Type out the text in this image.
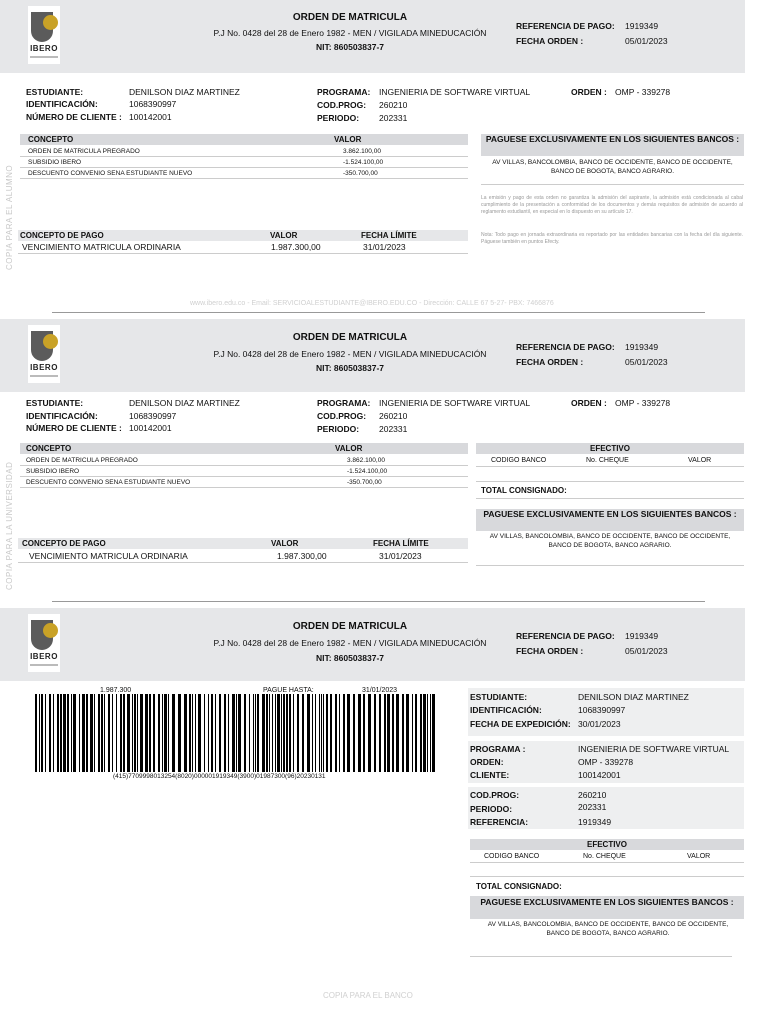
IBERO
ORDEN DE MATRICULA
P.J No. 0428 del 28 de Enero 1982 - MEN / VIGILADA MINEDUCACIÓN
NIT: 860503837-7
REFERENCIA DE PAGO: 1919349
FECHA ORDEN :	05/01/2023
ESTUDIANTE:	DENILSON DIAZ MARTINEZ
IDENTIFICACIÓN:	1068390997
NÚMERO DE CLIENTE : 100142001
PROGRAMA: INGENIERIA DE SOFTWARE VIRTUAL
COD.PROG: 260210
PERIODO: 202331
ORDEN : OMP - 339278
CONCEPTO	VALOR
ORDEN DE MATRICULA PREGRADO	3.862.100,00
SUBSIDIO IBERO	-1.524.100,00
DESCUENTO CONVENIO SENA ESTUDIANTE NUEVO	-350.700,00
PAGUESE EXCLUSIVAMENTE EN LOS SIGUIENTES BANCOS :
AV VILLAS, BANCOLOMBIA, BANCO DE OCCIDENTE, BANCO DE OCCIDENTE, BANCO DE BOGOTA, BANCO AGRARIO.
La emisión y pago de esta orden no garantiza la admisión del aspirante, la admisión está condicionada al cabal cumplimiento de la presentación a conformidad de los documentos y demás requisitos de admisión de acuerdo al reglamento estudiantil, en especial en lo dispuesto en su artículo 17.
Nota: Todo pago en jornada extraordinaria es reportado por las entidades bancarias con la fecha del día siguiente. Páguese también en puntos Efecty.
CONCEPTO DE PAGO	VALOR	FECHA LÍMITE
VENCIMIENTO MATRICULA ORDINARIA	1.987.300,00	31/01/2023
COPIA PARA EL ALUMNO
www.ibero.edu.co - Email: SERVICIOALESTUDIANTE@IBERO.EDU.CO - Dirección: CALLE 67 5-27- PBX: 7466876
IBERO
ORDEN DE MATRICULA
P.J No. 0428 del 28 de Enero 1982 - MEN / VIGILADA MINEDUCACIÓN
NIT: 860503837-7
REFERENCIA DE PAGO: 1919349
FECHA ORDEN :	05/01/2023
ESTUDIANTE:	DENILSON DIAZ MARTINEZ
IDENTIFICACIÓN:	1068390997
NÚMERO DE CLIENTE : 100142001
PROGRAMA: INGENIERIA DE SOFTWARE VIRTUAL
COD.PROG: 260210
PERIODO: 202331
ORDEN : OMP - 339278
CONCEPTO	VALOR
ORDEN DE MATRICULA PREGRADO	3.862.100,00
SUBSIDIO IBERO	-1.524.100,00
DESCUENTO CONVENIO SENA ESTUDIANTE NUEVO	-350.700,00
EFECTIVO
CODIGO BANCO	No. CHEQUE	VALOR
TOTAL CONSIGNADO:
PAGUESE EXCLUSIVAMENTE EN LOS SIGUIENTES BANCOS :
AV VILLAS, BANCOLOMBIA, BANCO DE OCCIDENTE, BANCO DE OCCIDENTE, BANCO DE BOGOTA, BANCO AGRARIO.
CONCEPTO DE PAGO	VALOR	FECHA LÍMITE
VENCIMIENTO MATRICULA ORDINARIA	1.987.300,00	31/01/2023
COPIA PARA LA UNIVERSIDAD
IBERO
ORDEN DE MATRICULA
P.J No. 0428 del 28 de Enero 1982 - MEN / VIGILADA MINEDUCACIÓN
NIT: 860503837-7
REFERENCIA DE PAGO: 1919349
FECHA ORDEN :	05/01/2023
1.987.300	PAGUE HASTA:	31/01/2023
(415)7709998013254(8020)000001919349(3900)01987300(96)20230131
ESTUDIANTE:	DENILSON DIAZ MARTINEZ
IDENTIFICACIÓN:	1068390997
FECHA DE EXPEDICIÓN: 30/01/2023
PROGRAMA :	INGENIERIA DE SOFTWARE VIRTUAL
ORDEN:	OMP - 339278
CLIENTE:	100142001
COD.PROG:	260210
PERIODO:	202331
REFERENCIA:	1919349
EFECTIVO
CODIGO BANCO	No. CHEQUE	VALOR
TOTAL CONSIGNADO:
PAGUESE EXCLUSIVAMENTE EN LOS SIGUIENTES BANCOS :
AV VILLAS, BANCOLOMBIA, BANCO DE OCCIDENTE, BANCO DE OCCIDENTE, BANCO DE BOGOTA, BANCO AGRARIO.
COPIA PARA EL BANCO
